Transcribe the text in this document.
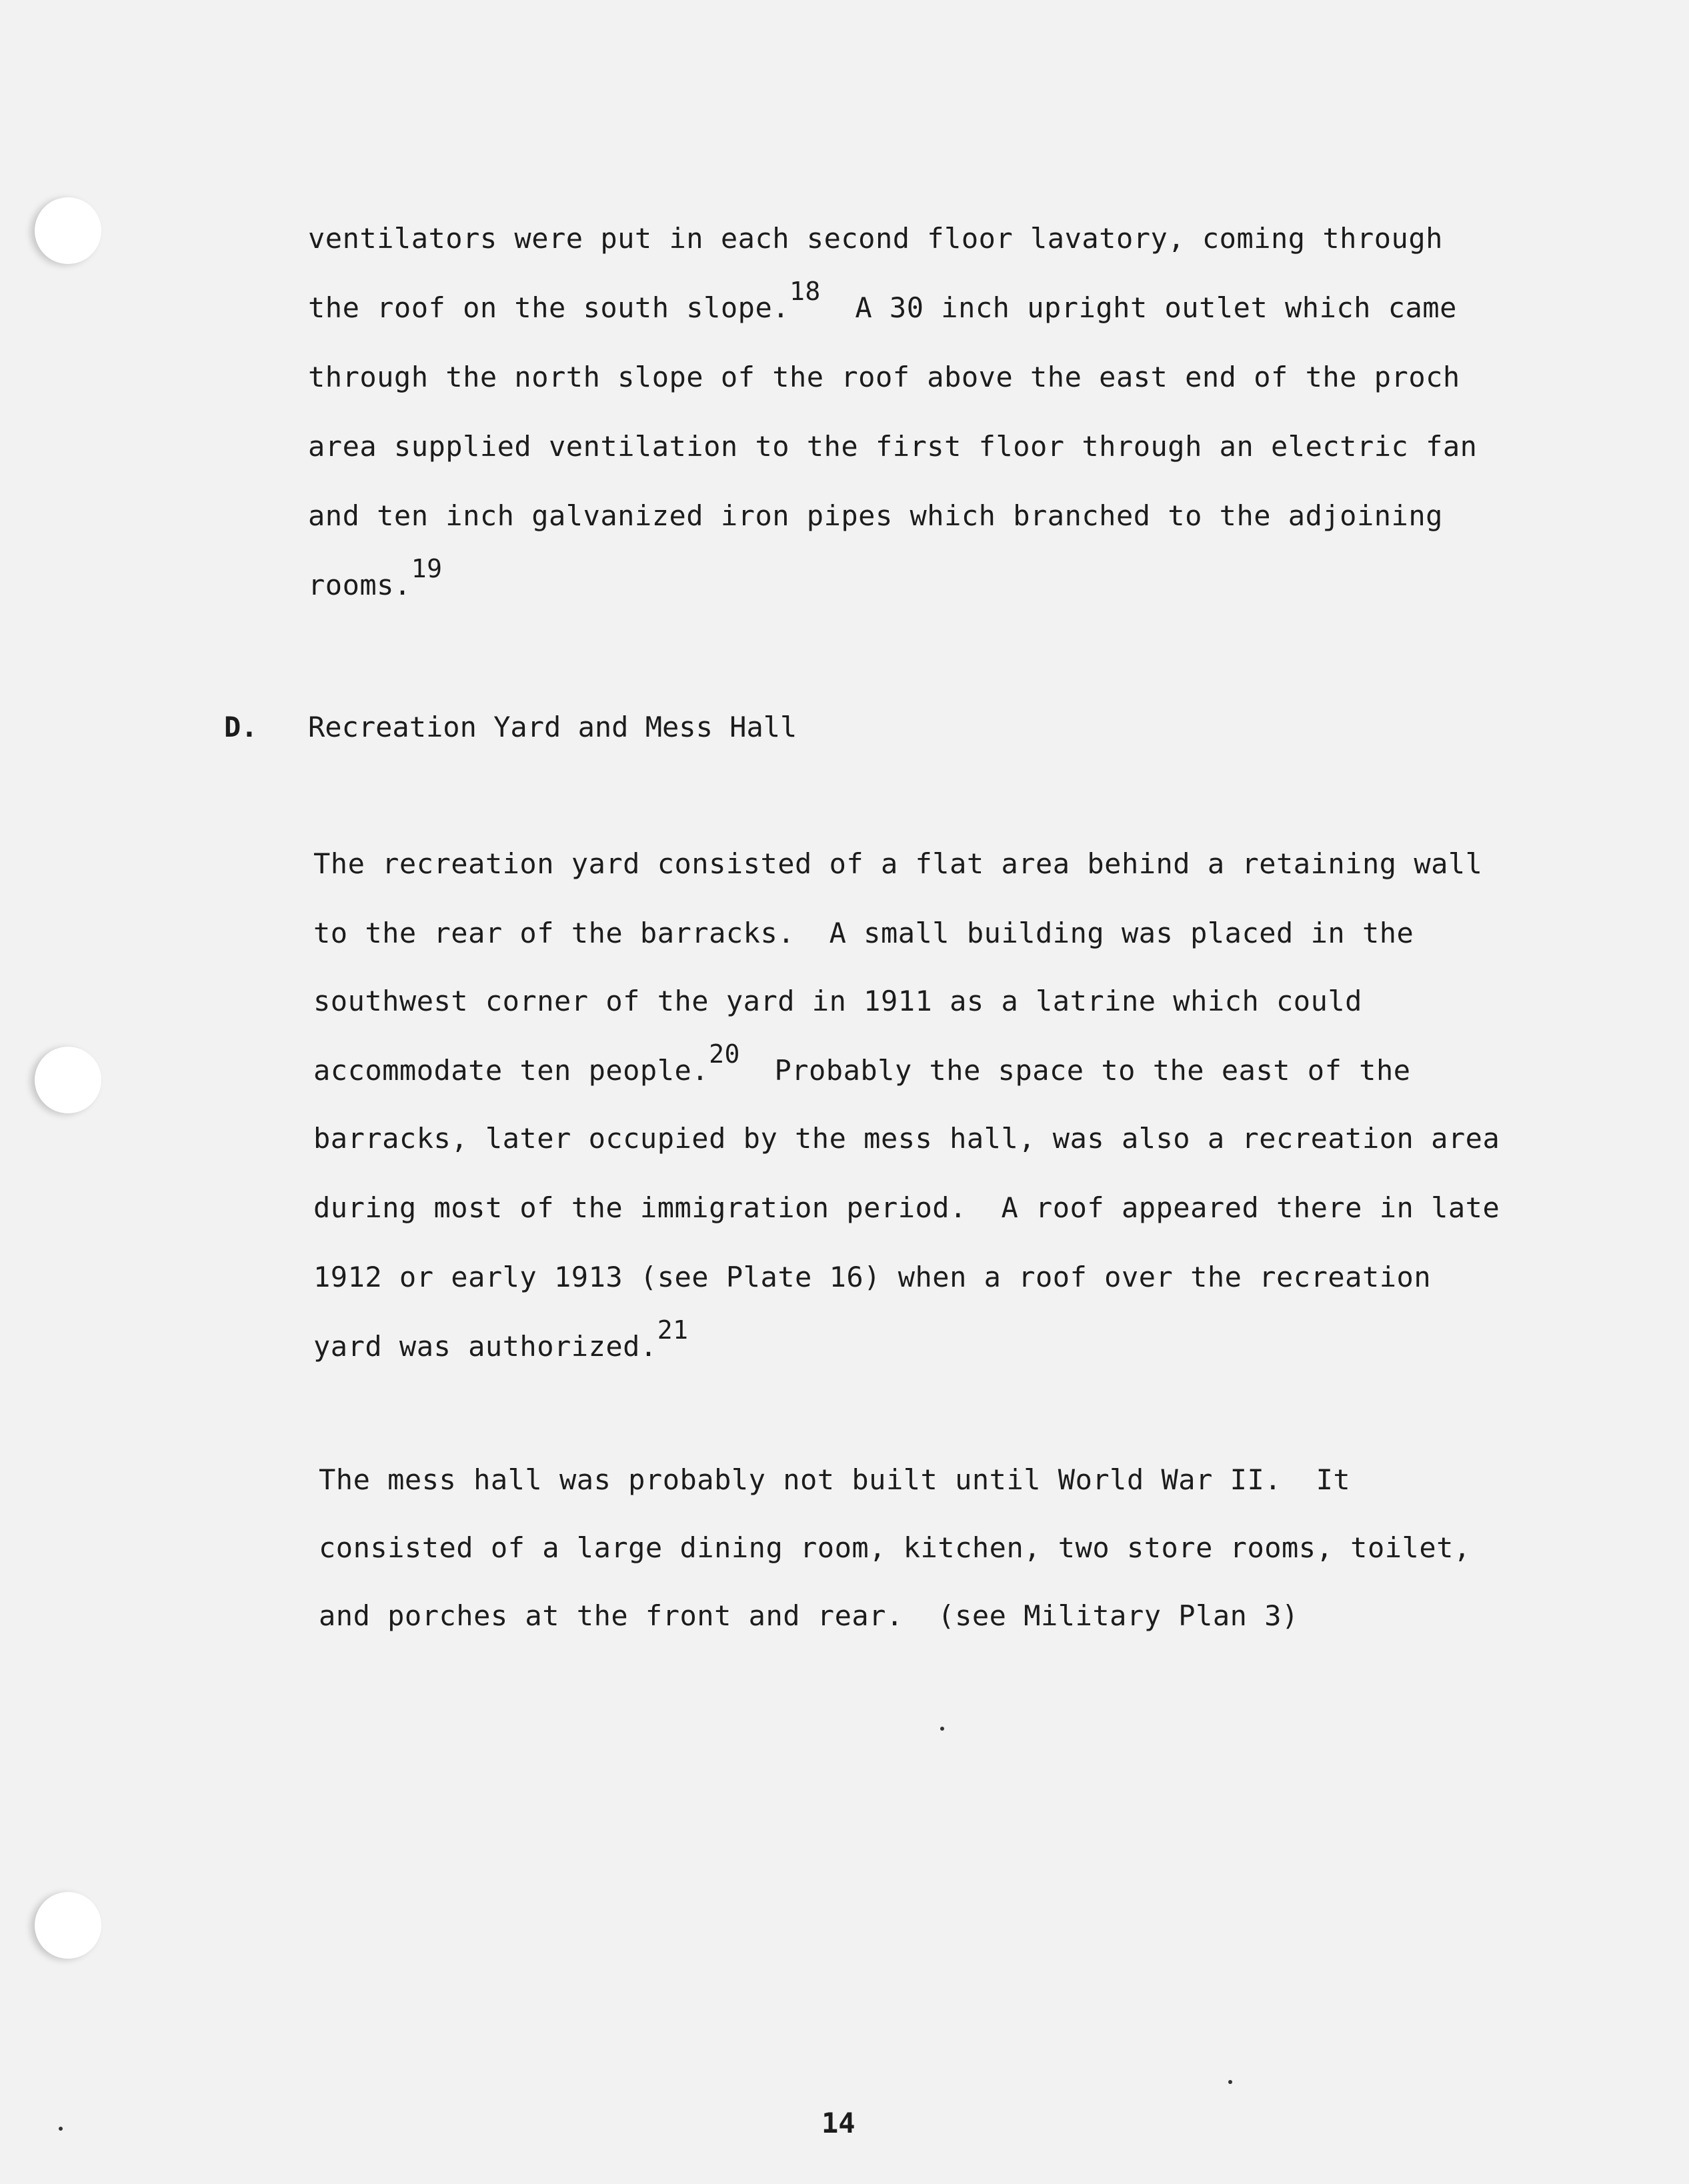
ventilators were put in each second floor lavatory, coming through
the roof on the south slope.18 A 30 inch upright outlet which came
through the north slope of the roof above the east end of the proch
area supplied ventilation to the first floor through an electric fan
and ten inch galvanized iron pipes which branched to the adjoining
rooms.19
D. Recreation Yard and Mess Hall
The recreation yard consisted of a flat area behind a retaining wall
to the rear of the barracks.  A small building was placed in the
southwest corner of the yard in 1911 as a latrine which could
accommodate ten people.20 Probably the space to the east of the
barracks, later occupied by the mess hall, was also a recreation area
during most of the immigration period.  A roof appeared there in late
1912 or early 1913 (see Plate 16) when a roof over the recreation
yard was authorized.21
The mess hall was probably not built until World War II.  It
consisted of a large dining room, kitchen, two store rooms, toilet,
and porches at the front and rear.  (see Military Plan 3)
14
